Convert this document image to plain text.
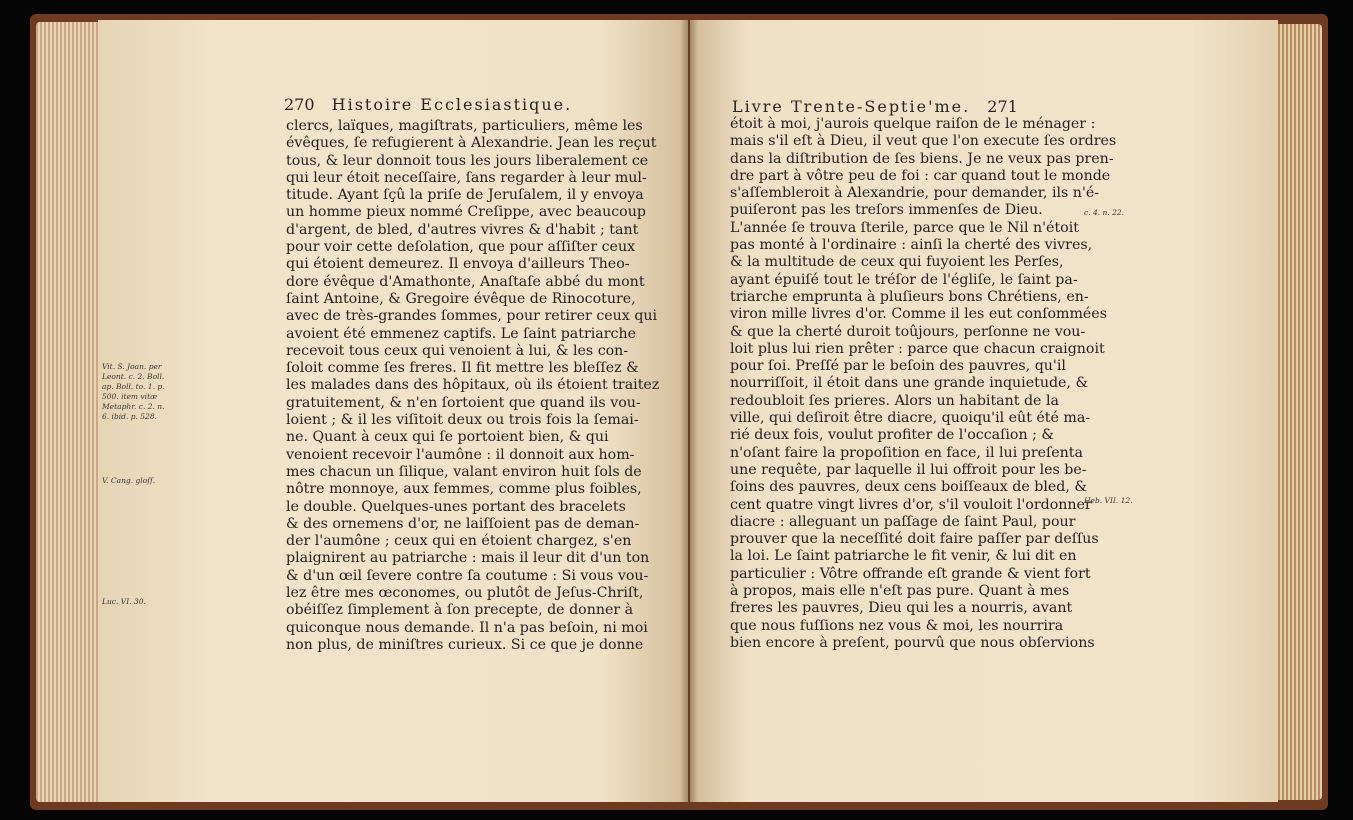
270 Histoire Ecclesiastique.
clercs, laïques, magiſtrats, particuliers, même les
évêques, ſe refugierent à Alexandrie. Jean les reçut
tous, & leur donnoit tous les jours liberalement ce
qui leur étoit neceſſaire, ſans regarder à leur mul-
titude. Ayant ſçû la priſe de Jeruſalem, il y envoya
un homme pieux nommé Creſippe, avec beaucoup
d'argent, de bled, d'autres vivres & d'habit ; tant
pour voir cette deſolation, que pour aſſiſter ceux
qui étoient demeurez. Il envoya d'ailleurs Theo-
dore évêque d'Amathonte, Anaſtaſe abbé du mont
ſaint Antoine, & Gregoire évêque de Rinocoture,
avec de très-grandes ſommes, pour retirer ceux qui
avoient été emmenez captifs. Le ſaint patriarche
recevoit tous ceux qui venoient à lui, & les con-
ſoloit comme ſes freres. Il fit mettre les bleſſez &
les malades dans des hôpitaux, où ils étoient traitez
gratuitement, & n'en ſortoient que quand ils vou-
loient ; & il les viſitoit deux ou trois fois la ſemai-
ne. Quant à ceux qui ſe portoient bien, & qui
venoient recevoir l'aumône : il donnoit aux hom-
mes chacun un ſilique, valant environ huit ſols de
nôtre monnoye, aux femmes, comme plus foibles,
le double. Quelques-unes portant des bracelets
& des ornemens d'or, ne laiſſoient pas de deman-
der l'aumône ; ceux qui en étoient chargez, s'en
plaignirent au patriarche : mais il leur dit d'un ton
& d'un œil ſevere contre ſa coutume : Si vous vou-
lez être mes œconomes, ou plutôt de Jeſus-Chriſt,
obéiſſez ſimplement à ſon precepte, de donner à
quiconque nous demande. Il n'a pas beſoin, ni moi
non plus, de miniſtres curieux. Si ce que je donne
Vit. S. Joan. per
Leont. c. 2. Boll.
ap. Boll. to. 1. p.
500. item vitæ
Metaphr. c. 2. n.
6. ibid. p. 528.
V. Cang. gloſſ.
Luc. VI. 30.
Livre Trente-Septie'me. 271
étoit à moi, j'aurois quelque raiſon de le ménager :
mais s'il eſt à Dieu, il veut que l'on execute ſes ordres
dans la diſtribution de ſes biens. Je ne veux pas pren-
dre part à vôtre peu de foi : car quand tout le monde
s'aſſembleroit à Alexandrie, pour demander, ils n'é-
puiſeront pas les treſors immenſes de Dieu.
L'année ſe trouva ſterile, parce que le Nil n'étoit
pas monté à l'ordinaire : ainſi la cherté des vivres,
& la multitude de ceux qui fuyoient les Perſes,
ayant épuiſé tout le tréſor de l'égliſe, le ſaint pa-
triarche emprunta à pluſieurs bons Chrétiens, en-
viron mille livres d'or. Comme il les eut conſommées
& que la cherté duroit toûjours, perſonne ne vou-
loit plus lui rien prêter : parce que chacun craignoit
pour ſoi. Preſſé par le beſoin des pauvres, qu'il
nourriſſoit, il étoit dans une grande inquietude, &
redoubloit ſes prieres. Alors un habitant de la
ville, qui deſiroit être diacre, quoiqu'il eût été ma-
rié deux fois, voulut profiter de l'occaſion ; &
n'oſant faire la propoſition en face, il lui preſenta
une requête, par laquelle il lui offroit pour les be-
ſoins des pauvres, deux cens boiſſeaux de bled, &
cent quatre vingt livres d'or, s'il vouloit l'ordonner
diacre : alleguant un paſſage de ſaint Paul, pour
prouver que la neceſſité doit faire paſſer par deſſus
la loi. Le ſaint patriarche le fit venir, & lui dit en
particulier : Vôtre offrande eſt grande & vient fort
à propos, mais elle n'eſt pas pure. Quant à mes
freres les pauvres, Dieu qui les a nourris, avant
que nous fuſſions nez vous & moi, les nourrira
bien encore à preſent, pourvû que nous obſervions
c. 4. n. 22.
Heb. VII. 12.
